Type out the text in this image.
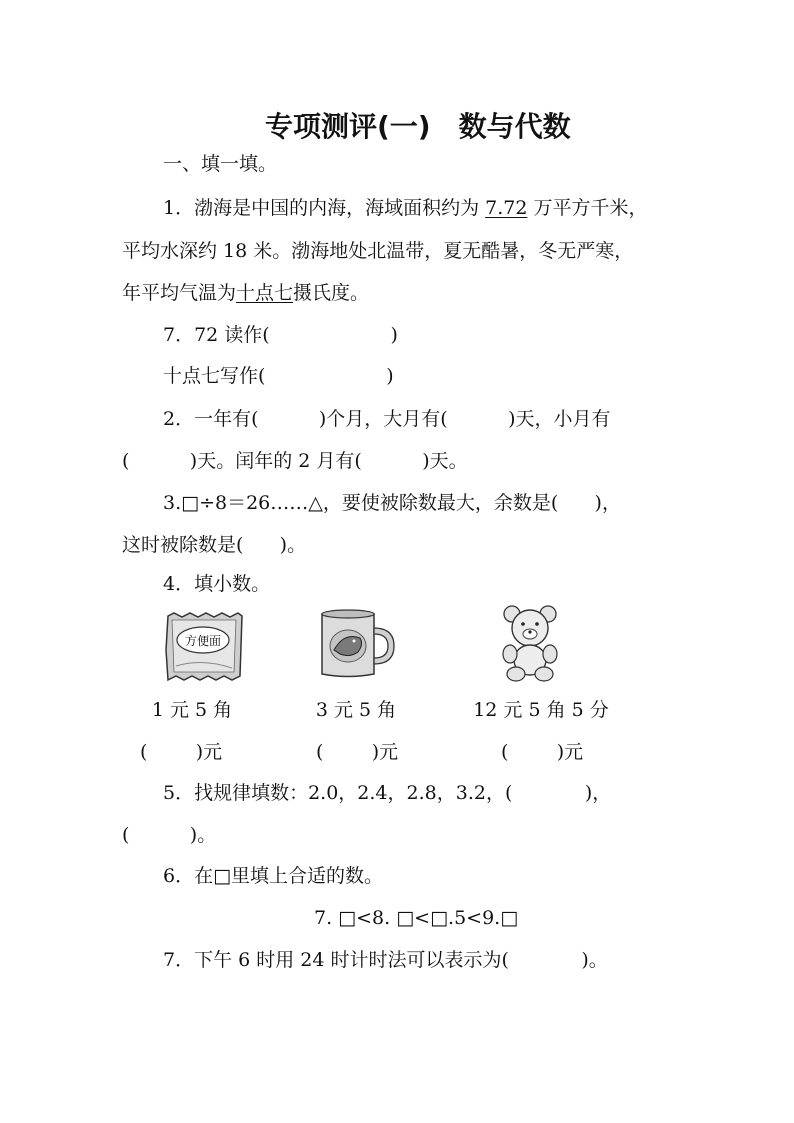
专项测评(一)　数与代数
一、填一填。
1．渤海是中国的内海，海域面积约为 7.72 万平方千米，
平均水深约 18 米。渤海地处北温带，夏无酷暑，冬无严寒，
年平均气温为十点七摄氏度。
7．72 读作(                    )
十点七写作(                    )
2．一年有(          )个月，大月有(          )天，小月有
(          )天。闰年的 2 月有(          )天。
3.□÷8＝26……△，要使被除数最大，余数是(      )，
这时被除数是(      )。
4．填小数。
方便面
1 元 5 角	3 元 5 角	12 元 5 角 5 分
(        )元	(        )元	(        )元
5．找规律填数：2.0，2.4，2.8，3.2，(            )，
(          )。
6．在□里填上合适的数。
7. □<8. □<□.5<9.□
7．下午 6 时用 24 时计时法可以表示为(            )。
